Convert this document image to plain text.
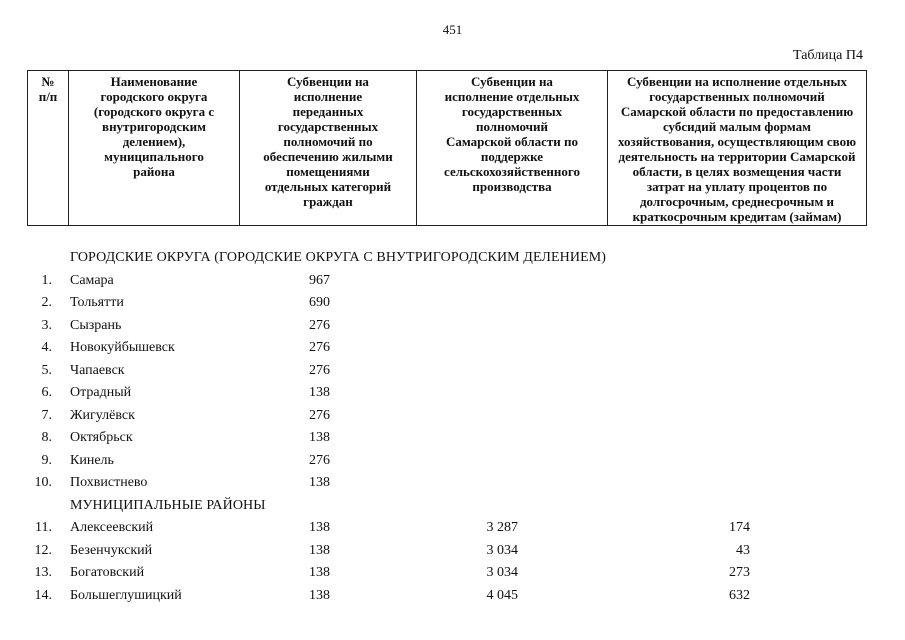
451
Таблица П4
№
п/п	Наименование
городского округа
(городского округа с
внутригородским
делением),
муниципального
района	Субвенции на
исполнение
переданных
государственных
полномочий по
обеспечению жилыми
помещениями
отдельных категорий
граждан	Субвенции на
исполнение отдельных
государственных
полномочий
Самарской области по
поддержке
сельскохозяйственного
производства	Субвенции на исполнение отдельных
государственных полномочий
Самарской области по предоставлению
субсидий малым формам
хозяйствования, осуществляющим свою
деятельность на территории Самарской
области, в целях возмещения части
затрат на уплату процентов по
долгосрочным, среднесрочным и
краткосрочным кредитам (займам)
ГОРОДСКИЕ ОКРУГА (ГОРОДСКИЕ ОКРУГА С ВНУТРИГОРОДСКИМ ДЕЛЕНИЕМ)
1. Самара	967
2. Тольятти	690
3. Сызрань	276
4. Новокуйбышевск	276
5. Чапаевск	276
6. Отрадный	138
7. Жигулёвск	276
8. Октябрьск	138
9. Кинель	276
10. Похвистнево	138
МУНИЦИПАЛЬНЫЕ РАЙОНЫ
11. Алексеевский	138	3 287	174
12. Безенчукский	138	3 034	43
13. Богатовский	138	3 034	273
14. Большеглушицкий	138	4 045	632
